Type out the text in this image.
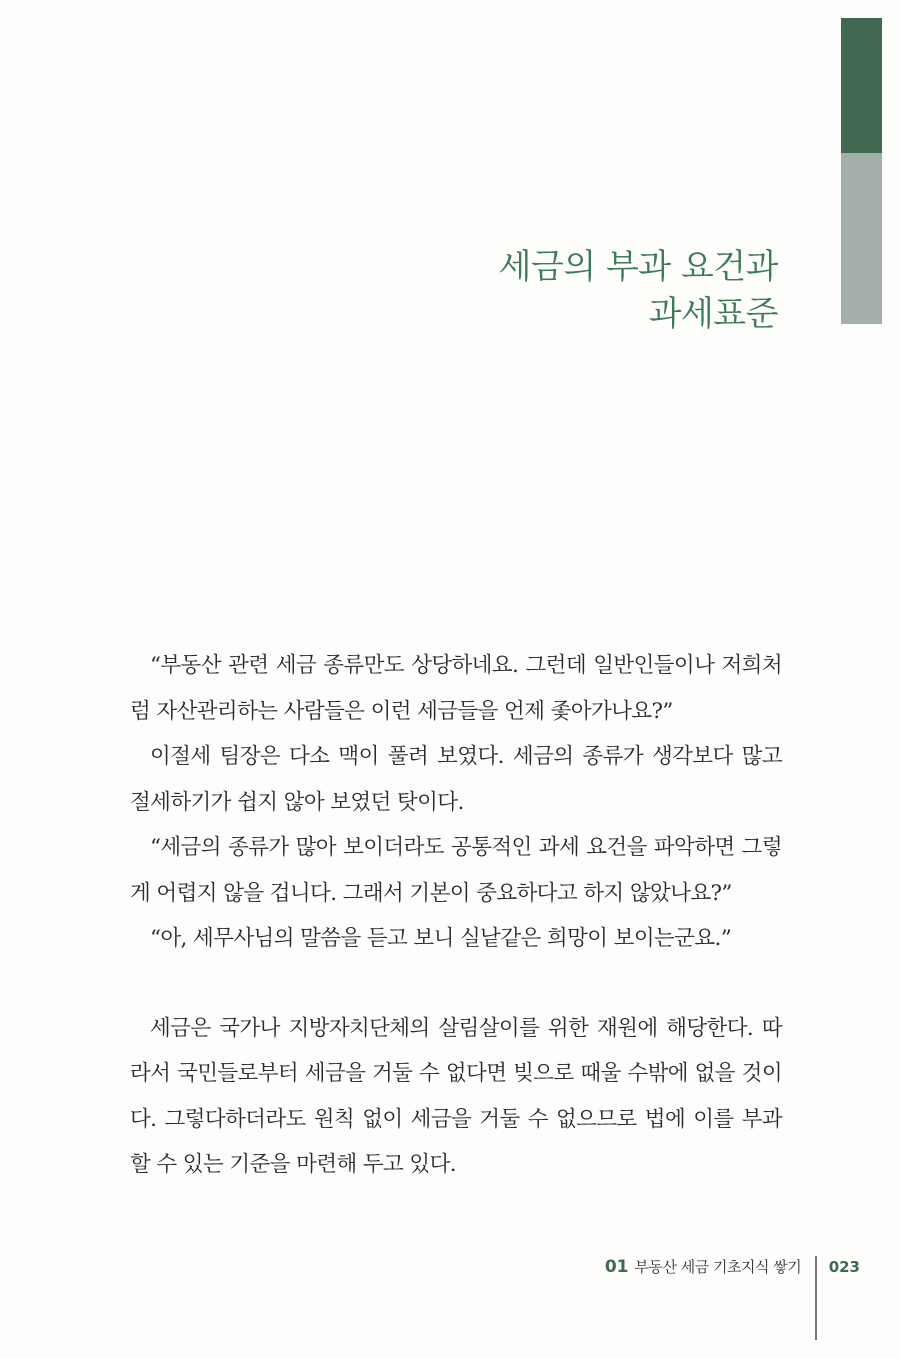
세금의 부과 요건과
과세표준
“부동산 관련 세금 종류만도 상당하네요. 그런데 일반인들이나 저희처럼 자산관리하는 사람들은 이런 세금들을 언제 좇아가나요?”
이절세 팀장은 다소 맥이 풀려 보였다. 세금의 종류가 생각보다 많고 절세하기가 쉽지 않아 보였던 탓이다.
“세금의 종류가 많아 보이더라도 공통적인 과세 요건을 파악하면 그렇게 어렵지 않을 겁니다. 그래서 기본이 중요하다고 하지 않았나요?”
“아, 세무사님의 말씀을 듣고 보니 실낱같은 희망이 보이는군요.”
세금은 국가나 지방자치단체의 살림살이를 위한 재원에 해당한다. 따라서 국민들로부터 세금을 거둘 수 없다면 빚으로 때울 수밖에 없을 것이다. 그렇다하더라도 원칙 없이 세금을 거둘 수 없으므로 법에 이를 부과할 수 있는 기준을 마련해 두고 있다.
01 부동산 세금 기초지식 쌓기 023
